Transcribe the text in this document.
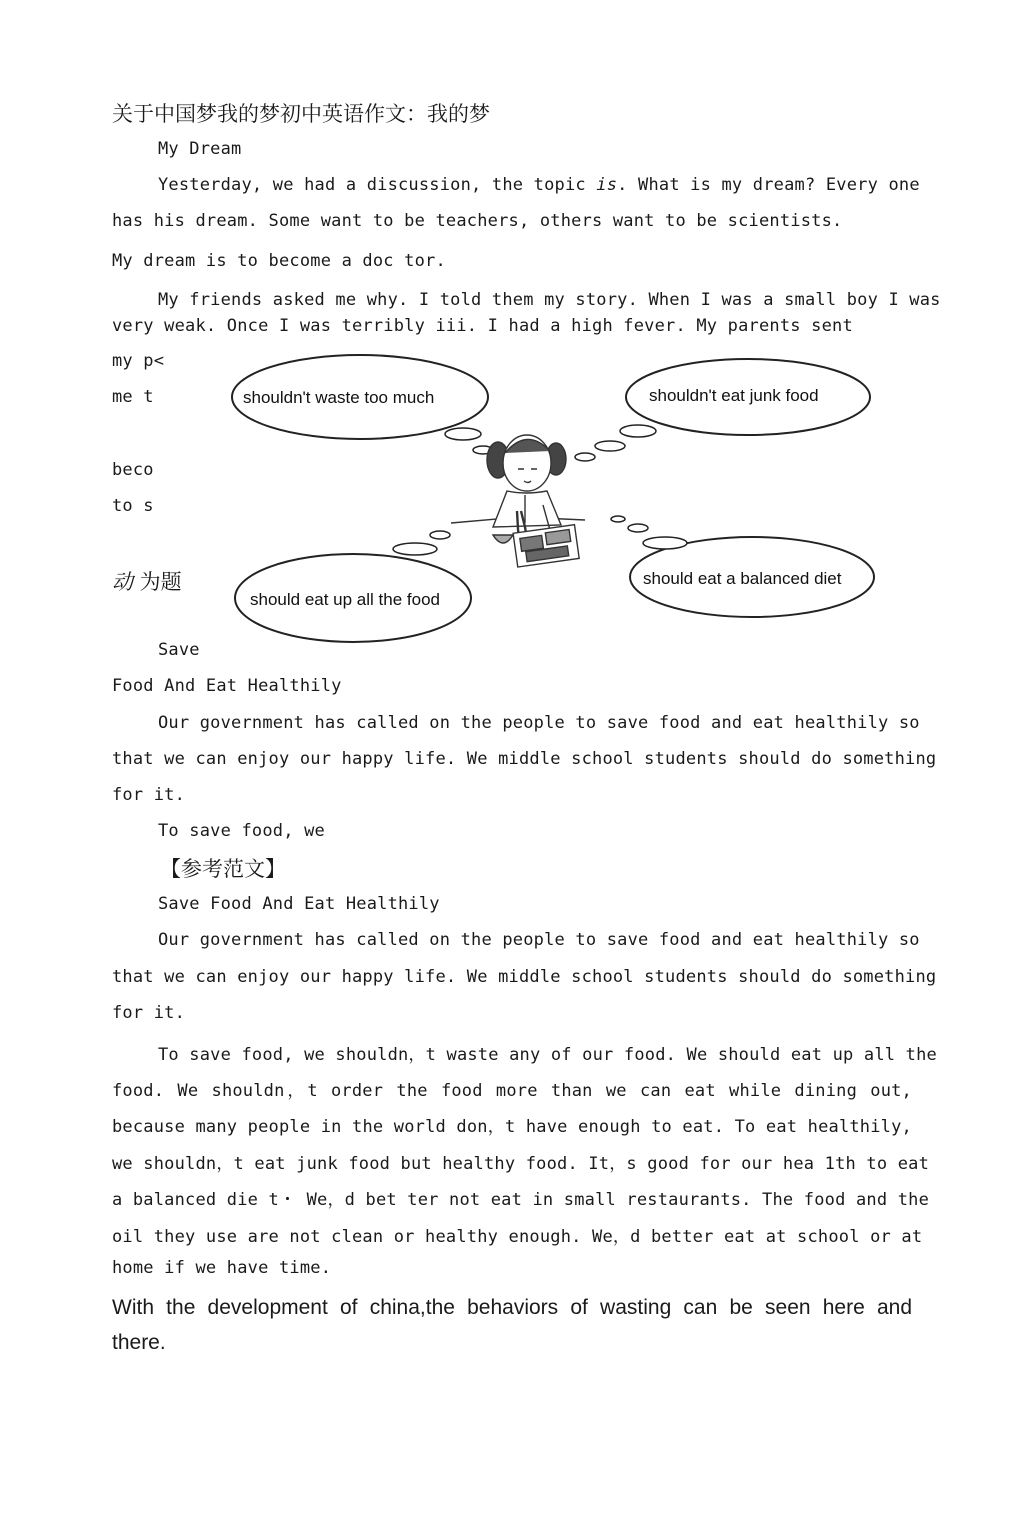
关于中国梦我的梦初中英语作文：我的梦
My Dream
Yesterday, we had a discussion, the topic is. What is my dream? Every one
has his dream. Some want to be teachers, others want to be scientists.
My dream is to become a doc tor.
My friends asked me why. I told them my story. When I was a small boy I was
very weak. Once I was terribly iii. I had a high fever. My parents sent
my p<
me t
beco
to s
动 为题
shouldn't waste too much	shouldn't eat junk food
should eat up all the food
should eat a balanced diet
Save
Food And Eat Healthily
Our government has called on the people to save food and eat healthily so
that we can enjoy our happy life. We middle school students should do something
for it.
To save food, we
【参考范文】
Save Food And Eat Healthily
Our government has called on the people to save food and eat healthily so
that we can enjoy our happy life. We middle school students should do something
for it.
To save food, we shouldn，t waste any of our food. We should eat up all the
food. We shouldn，t order the food more than we can eat while dining out,
because many people in the world don，t have enough to eat. To eat healthily,
we shouldn，t eat junk food but healthy food. It，s good for our hea 1th to eat
a balanced die t・ We，d bet ter not eat in small restaurants. The food and the
oil they use are not clean or healthy enough. We，d better eat at school or at
home if we have time.
With the development of china,the behaviors of wasting can be seen here and
there.
